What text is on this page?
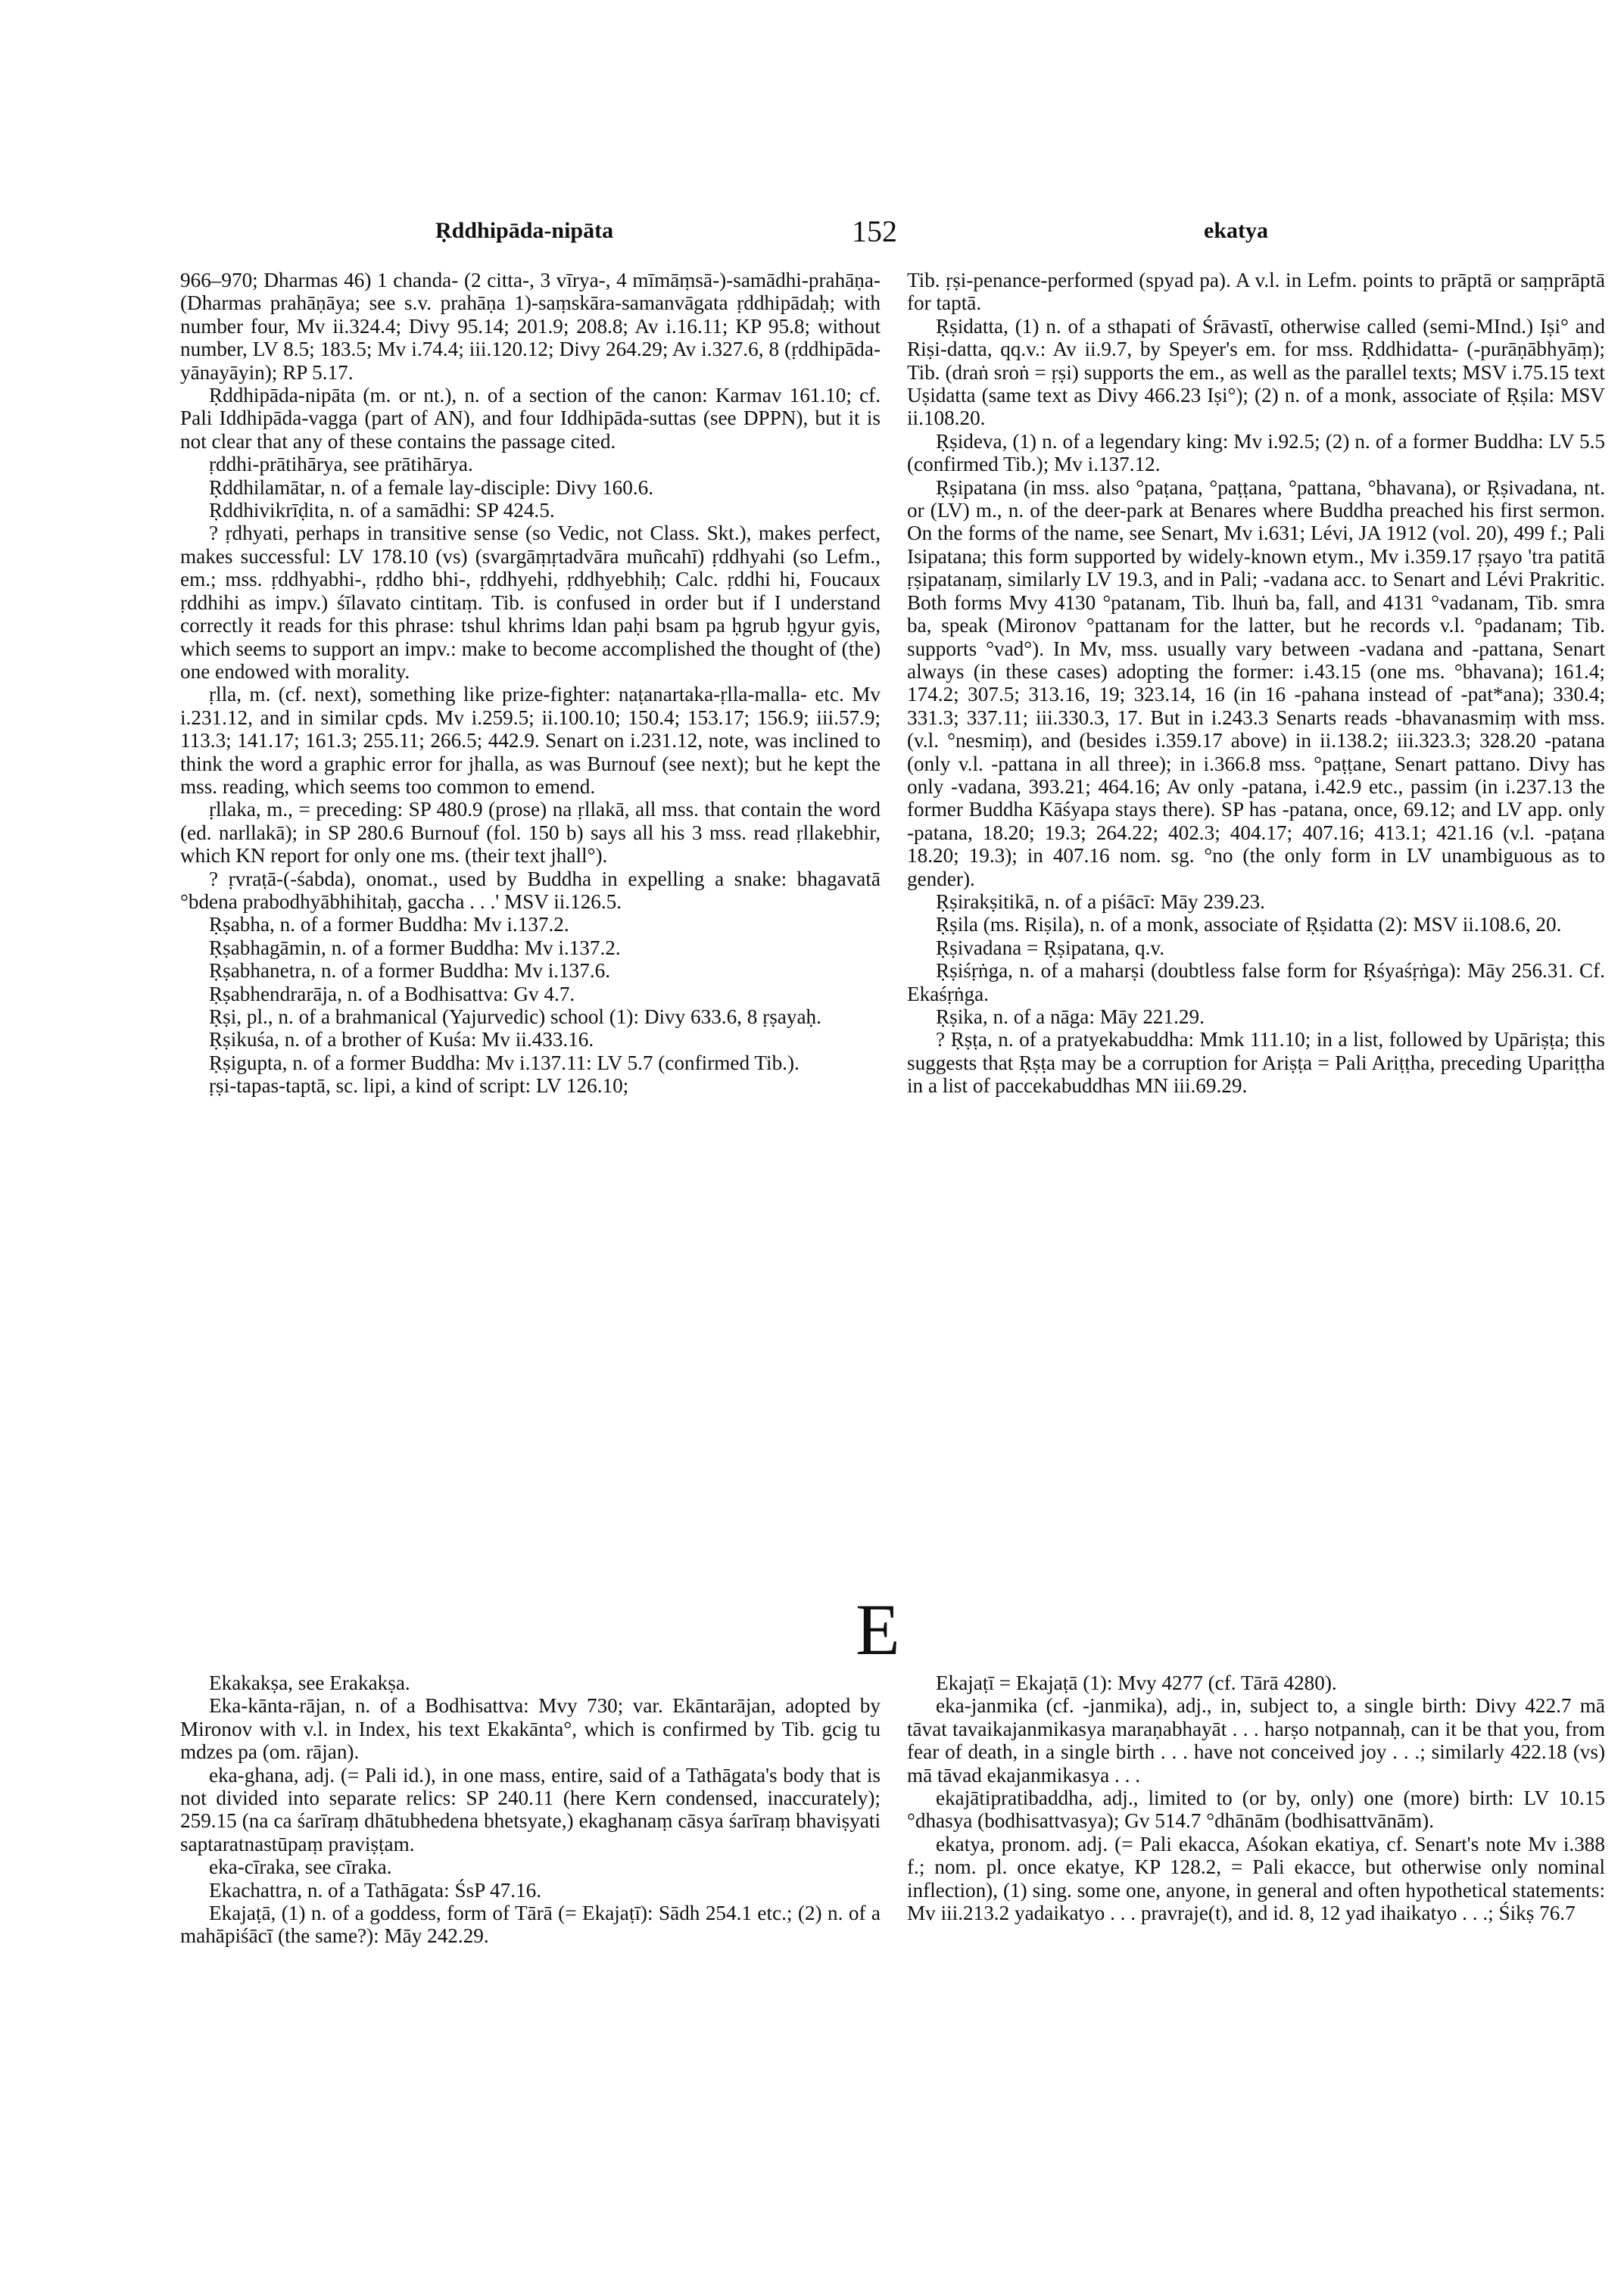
Ṛddhipāda-nipāta	152	ekatya

966–970; Dharmas 46) 1 chanda- (2 citta-, 3 vīrya-, 4 mīmāṃsā-)-samādhi-prahāṇa- (Dharmas prahāṇāya; see s.v. prahāṇa 1)-saṃskāra-samanvāgata ṛddhipādaḥ; with number four, Mv ii.324.4; Divy 95.14; 201.9; 208.8; Av i.16.11; KP 95.8; without number, LV 8.5; 183.5; Mv i.74.4; iii.120.12; Divy 264.29; Av i.327.6, 8 (ṛddhipāda-yānayāyin); RP 5.17.

Ṛddhipāda-nipāta (m. or nt.), n. of a section of the canon: Karmav 161.10; cf. Pali Iddhipāda-vagga (part of AN), and four Iddhipāda-suttas (see DPPN), but it is not clear that any of these contains the passage cited.

ṛddhi-prātihārya, see prātihārya.

Ṛddhilamātar, n. of a female lay-disciple: Divy 160.6.

Ṛddhivikrīḍita, n. of a samādhi: SP 424.5.

? ṛdhyati, perhaps in transitive sense (so Vedic, not Class. Skt.), makes perfect, makes successful: LV 178.10 (vs) (svargāṃṛtadvāra muñcahī) ṛddhyahi (so Lefm., em.; mss. ṛddhyabhi-, ṛddho bhi-, ṛddhyehi, ṛddhyebhiḥ; Calc. ṛddhi hi, Foucaux ṛddhihi as impv.) śīlavato cintitaṃ. Tib. is confused in order but if I understand correctly it reads for this phrase: tshul khrims ldan paḥi bsam pa ḥgrub ḥgyur gyis, which seems to support an impv.: make to become accomplished the thought of (the) one endowed with morality.

ṛlla, m. (cf. next), something like prize-fighter: naṭanartaka-ṛlla-malla- etc. Mv i.231.12, and in similar cpds. Mv i.259.5; ii.100.10; 150.4; 153.17; 156.9; iii.57.9; 113.3; 141.17; 161.3; 255.11; 266.5; 442.9. Senart on i.231.12, note, was inclined to think the word a graphic error for jhalla, as was Burnouf (see next); but he kept the mss. reading, which seems too common to emend.

ṛllaka, m., = preceding: SP 480.9 (prose) na ṛllakā, all mss. that contain the word (ed. narllakā); in SP 280.6 Burnouf (fol. 150 b) says all his 3 mss. read ṛllakebhir, which KN report for only one ms. (their text jhall°).

? ṛvraṭā-(-śabda), onomat., used by Buddha in expelling a snake: bhagavatā °bdena prabodhyābhihitaḥ, gaccha . . .' MSV ii.126.5.

Ṛṣabha, n. of a former Buddha: Mv i.137.2.

Ṛṣabhagāmin, n. of a former Buddha: Mv i.137.2.

Ṛṣabhanetra, n. of a former Buddha: Mv i.137.6.

Ṛṣabhendrarāja, n. of a Bodhisattva: Gv 4.7.

Ṛṣi, pl., n. of a brahmanical (Yajurvedic) school (1): Divy 633.6, 8 ṛṣayaḥ.

Ṛṣikuśa, n. of a brother of Kuśa: Mv ii.433.16.

Ṛṣigupta, n. of a former Buddha: Mv i.137.11: LV 5.7 (confirmed Tib.).

ṛṣi-tapas-taptā, sc. lipi, a kind of script: LV 126.10;

Tib. ṛṣi-penance-performed (spyad pa). A v.l. in Lefm. points to prāptā or saṃprāptā for taptā.

Ṛṣidatta, (1) n. of a sthapati of Śrāvastī, otherwise called (semi-MInd.) Iṣi° and Riṣi-datta, qq.v.: Av ii.9.7, by Speyer's em. for mss. Ṛddhidatta- (-purāṇābhyāṃ); Tib. (draṅ sroṅ = ṛṣi) supports the em., as well as the parallel texts; MSV i.75.15 text Uṣidatta (same text as Divy 466.23 Iṣi°); (2) n. of a monk, associate of Ṛṣila: MSV ii.108.20.

Ṛṣideva, (1) n. of a legendary king: Mv i.92.5; (2) n. of a former Buddha: LV 5.5 (confirmed Tib.); Mv i.137.12.

Ṛṣipatana (in mss. also °paṭana, °paṭṭana, °pattana, °bhavana), or Ṛṣivadana, nt. or (LV) m., n. of the deer-park at Benares where Buddha preached his first sermon. On the forms of the name, see Senart, Mv i.631; Lévi, JA 1912 (vol. 20), 499 f.; Pali Isipatana; this form supported by widely-known etym., Mv i.359.17 ṛṣayo 'tra patitā ṛṣipatanaṃ, similarly LV 19.3, and in Pali; -vadana acc. to Senart and Lévi Prakritic. Both forms Mvy 4130 °patanam, Tib. lhuṅ ba, fall, and 4131 °vadanam, Tib. smra ba, speak (Mironov °pattanam for the latter, but he records v.l. °padanam; Tib. supports °vad°). In Mv, mss. usually vary between -vadana and -pattana, Senart always (in these cases) adopting the former: i.43.15 (one ms. °bhavana); 161.4; 174.2; 307.5; 313.16, 19; 323.14, 16 (in 16 -pahana instead of -pat*ana); 330.4; 331.3; 337.11; iii.330.3, 17. But in i.243.3 Senarts reads -bhavanasmiṃ with mss. (v.l. °nesmiṃ), and (besides i.359.17 above) in ii.138.2; iii.323.3; 328.20 -patana (only v.l. -pattana in all three); in i.366.8 mss. °paṭṭane, Senart pattano. Divy has only -vadana, 393.21; 464.16; Av only -patana, i.42.9 etc., passim (in i.237.13 the former Buddha Kāśyapa stays there). SP has -patana, once, 69.12; and LV app. only -patana, 18.20; 19.3; 264.22; 402.3; 404.17; 407.16; 413.1; 421.16 (v.l. -paṭana 18.20; 19.3); in 407.16 nom. sg. °no (the only form in LV unambiguous as to gender).

Ṛṣirakṣitikā, n. of a piśācī: Māy 239.23.

Ṛṣila (ms. Riṣila), n. of a monk, associate of Ṛṣidatta (2): MSV ii.108.6, 20.

Ṛṣivadana = Ṛṣipatana, q.v.

Ṛṣiśṛṅga, n. of a maharṣi (doubtless false form for Ṛśyaśṛṅga): Māy 256.31. Cf. Ekaśṛṅga.

Ṛṣika, n. of a nāga: Māy 221.29.

? Ṛṣṭa, n. of a pratyekabuddha: Mmk 111.10; in a list, followed by Upāriṣṭa; this suggests that Ṛṣṭa may be a corruption for Ariṣṭa = Pali Ariṭṭha, preceding Upariṭṭha in a list of paccekabuddhas MN iii.69.29.

E

Ekakakṣa, see Erakakṣa.

Eka-kānta-rājan, n. of a Bodhisattva: Mvy 730; var. Ekāntarājan, adopted by Mironov with v.l. in Index, his text Ekakānta°, which is confirmed by Tib. gcig tu mdzes pa (om. rājan).

eka-ghana, adj. (= Pali id.), in one mass, entire, said of a Tathāgata's body that is not divided into separate relics: SP 240.11 (here Kern condensed, inaccurately); 259.15 (na ca śarīraṃ dhātubhedena bhetsyate,) ekaghanaṃ cāsya śarīraṃ bhaviṣyati saptaratnastūpaṃ praviṣṭam.

eka-cīraka, see cīraka.

Ekachattra, n. of a Tathāgata: ŚsP 47.16.

Ekajaṭā, (1) n. of a goddess, form of Tārā (= Ekajaṭī): Sādh 254.1 etc.; (2) n. of a mahāpiśācī (the same?): Māy 242.29.

Ekajaṭī = Ekajaṭā (1): Mvy 4277 (cf. Tārā 4280).

eka-janmika (cf. -janmika), adj., in, subject to, a single birth: Divy 422.7 mā tāvat tavaikajanmikasya maraṇabhayāt . . . harṣo notpannaḥ, can it be that you, from fear of death, in a single birth . . . have not conceived joy . . .; similarly 422.18 (vs) mā tāvad ekajanmikasya . . .

ekajātipratibaddha, adj., limited to (or by, only) one (more) birth: LV 10.15 °dhasya (bodhisattvasya); Gv 514.7 °dhānām (bodhisattvānām).

ekatya, pronom. adj. (= Pali ekacca, Aśokan ekatiya, cf. Senart's note Mv i.388 f.; nom. pl. once ekatye, KP 128.2, = Pali ekacce, but otherwise only nominal inflection), (1) sing. some one, anyone, in general and often hypothetical statements: Mv iii.213.2 yadaikatyo . . . pravraje(t), and id. 8, 12 yad ihaikatyo . . .; Śikṣ 76.7
